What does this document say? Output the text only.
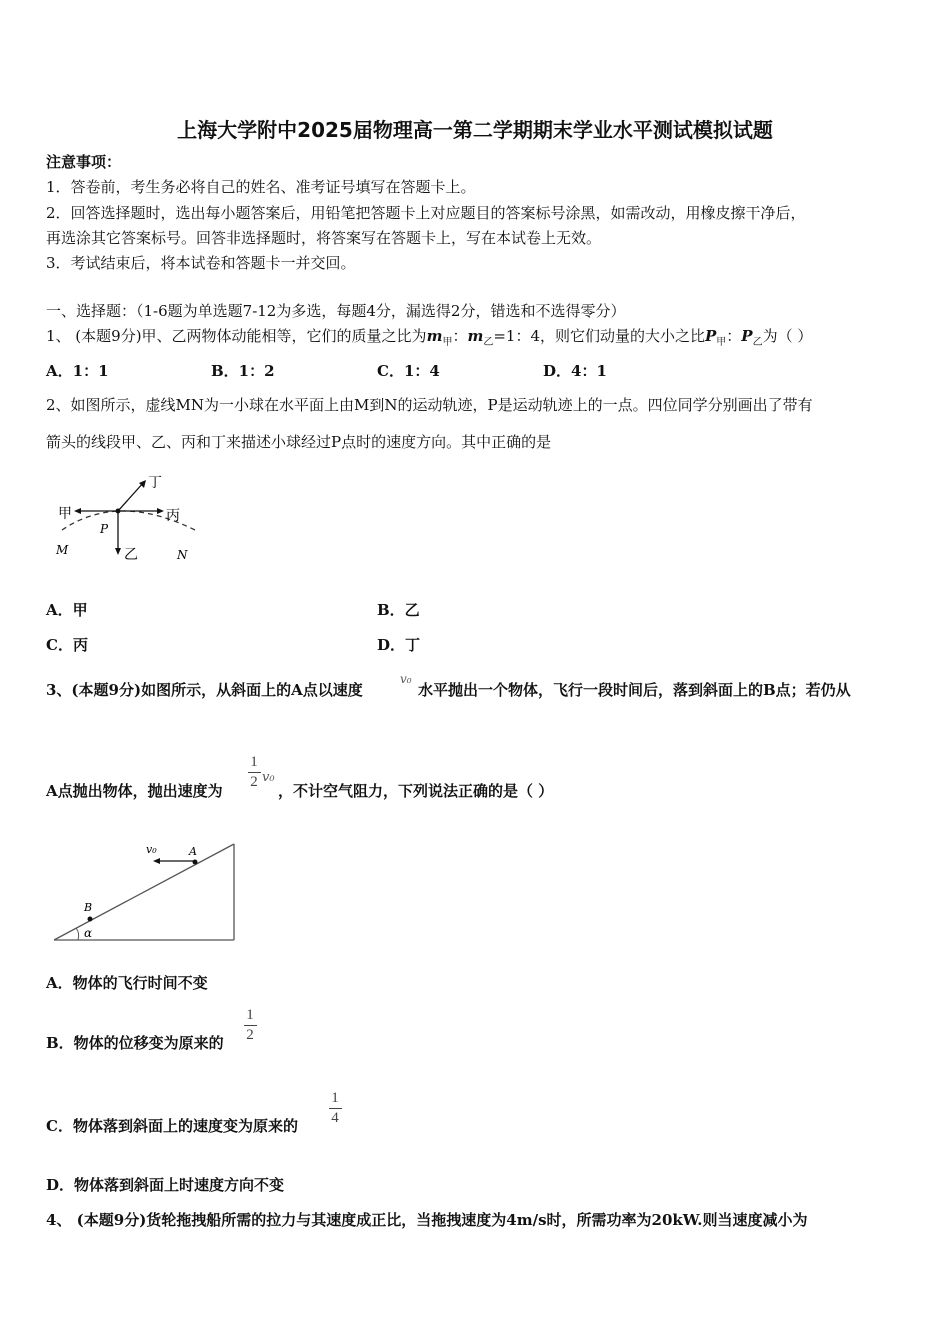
上海大学附中2025届物理高一第二学期期末学业水平测试模拟试题
注意事项：
1．答卷前，考生务必将自己的姓名、准考证号填写在答题卡上。
2．回答选择题时，选出每小题答案后，用铅笔把答题卡上对应题目的答案标号涂黑，如需改动，用橡皮擦干净后，
再选涂其它答案标号。回答非选择题时，将答案写在答题卡上，写在本试卷上无效。
3．考试结束后，将本试卷和答题卡一并交回。
一、选择题：（1-6题为单选题7-12为多选，每题4分，漏选得2分，错选和不选得零分）
1、 (本题9分)甲、乙两物体动能相等，它们的质量之比为$m_甲$：$m_乙=1$：4，则它们动量的大小之比$P_甲$：$P_乙$为（ ）
A．1：1	B．1：2	C．1：4	D．4：1
2、如图所示，虚线MN为一小球在水平面上由M到N的运动轨迹，P是运动轨迹上的一点。四位同学分别画出了带有
箭头的线段甲、乙、丙和丁来描述小球经过P点时的速度方向。其中正确的是
甲	丙
乙
丁
P
M	N
A．甲	B．乙
C．丙	D．丁
3、(本题9分)如图所示，从斜面上的A点以速度
v₀
水平抛出一个物体，飞行一段时间后，落到斜面上的B点；若仍从
A点抛出物体，抛出速度为
1
2 v₀
，不计空气阻力，下列说法正确的是（ ）
v₀	A
B
α
A．物体的飞行时间不变
B．物体的位移变为原来的
1
2
C．物体落到斜面上的速度变为原来的
1
4
D．物体落到斜面上时速度方向不变
4、 (本题9分)货轮拖拽船所需的拉力与其速度成正比，当拖拽速度为4m/s时，所需功率为20kW.则当速度减小为
